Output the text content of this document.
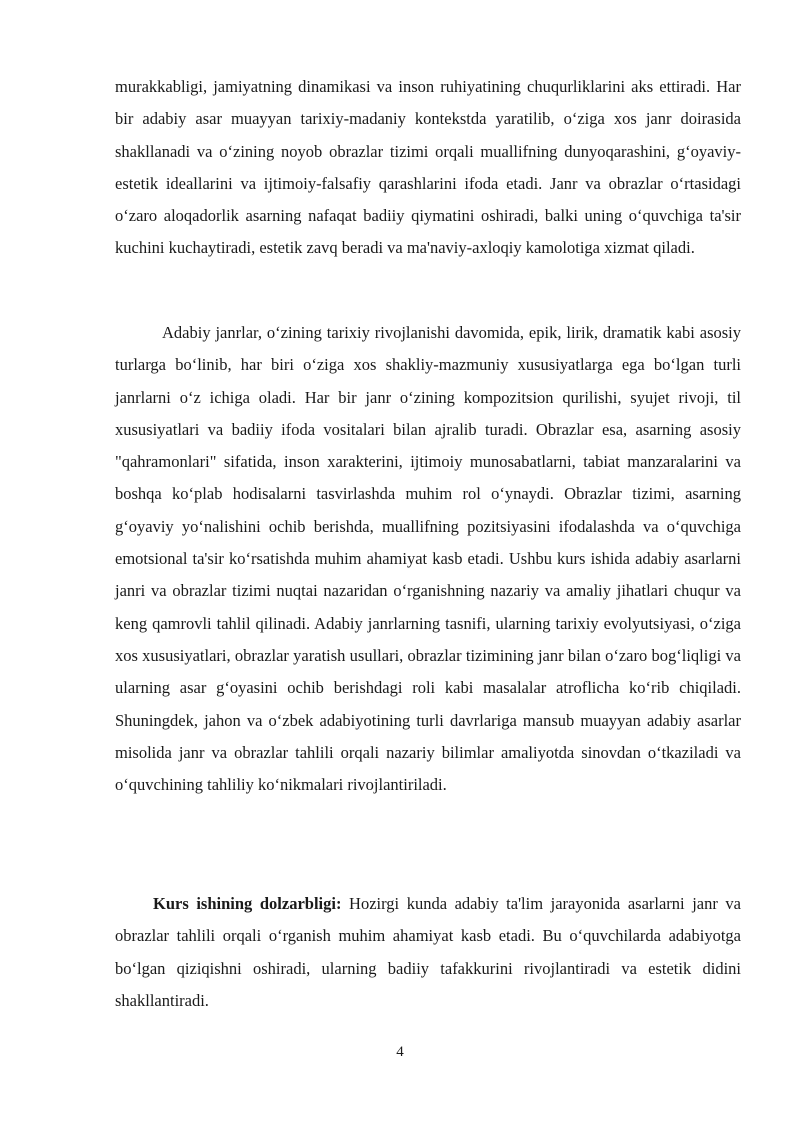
murakkabligi, jamiyatning dinamikasi va inson ruhiyatining chuqurliklarini aks ettiradi. Har bir adabiy asar muayyan tarixiy-madaniy kontekstda yaratilib, o‘ziga xos janr doirasida shakllanadi va o‘zining noyob obrazlar tizimi orqali muallifning dunyoqarashini, g‘oyaviy-estetik ideallarini va ijtimoiy-falsafiy qarashlarini ifoda etadi. Janr va obrazlar o‘rtasidagi o‘zaro aloqadorlik asarning nafaqat badiiy qiymatini oshiradi, balki uning o‘quvchiga ta'sir kuchini kuchaytiradi, estetik zavq beradi va ma'naviy-axloqiy kamolotiga xizmat qiladi.

Adabiy janrlar, o‘zining tarixiy rivojlanishi davomida, epik, lirik, dramatik kabi asosiy turlarga bo‘linib, har biri o‘ziga xos shakliy-mazmuniy xususiyatlarga ega bo‘lgan turli janrlarni o‘z ichiga oladi. Har bir janr o‘zining kompozitsion qurilishi, syujet rivoji, til xususiyatlari va badiiy ifoda vositalari bilan ajralib turadi. Obrazlar esa, asarning asosiy "qahramonlari" sifatida, inson xarakterini, ijtimoiy munosabatlarni, tabiat manzaralarini va boshqa ko‘plab hodisalarni tasvirlashda muhim rol o‘ynaydi. Obrazlar tizimi, asarning g‘oyaviy yo‘nalishini ochib berishda, muallifning pozitsiyasini ifodalashda va o‘quvchiga emotsional ta'sir ko‘rsatishda muhim ahamiyat kasb etadi. Ushbu kurs ishida adabiy asarlarni janri va obrazlar tizimi nuqtai nazaridan o‘rganishning nazariy va amaliy jihatlari chuqur va keng qamrovli tahlil qilinadi. Adabiy janrlarning tasnifi, ularning tarixiy evolyutsiyasi, o‘ziga xos xususiyatlari, obrazlar yaratish usullari, obrazlar tizimining janr bilan o‘zaro bog‘liqligi va ularning asar g‘oyasini ochib berishdagi roli kabi masalalar atroflicha ko‘rib chiqiladi. Shuningdek, jahon va o‘zbek adabiyotining turli davrlariga mansub muayyan adabiy asarlar misolida janr va obrazlar tahlili orqali nazariy bilimlar amaliyotda sinovdan o‘tkaziladi va o‘quvchining tahliliy ko‘nikmalari rivojlantiriladi.

Kurs ishining dolzarbligi: Hozirgi kunda adabiy ta'lim jarayonida asarlarni janr va obrazlar tahlili orqali o‘rganish muhim ahamiyat kasb etadi. Bu o‘quvchilarda adabiyotga bo‘lgan qiziqishni oshiradi, ularning badiiy tafakkurini rivojlantiradi va estetik didini shakllantiradi.

4
